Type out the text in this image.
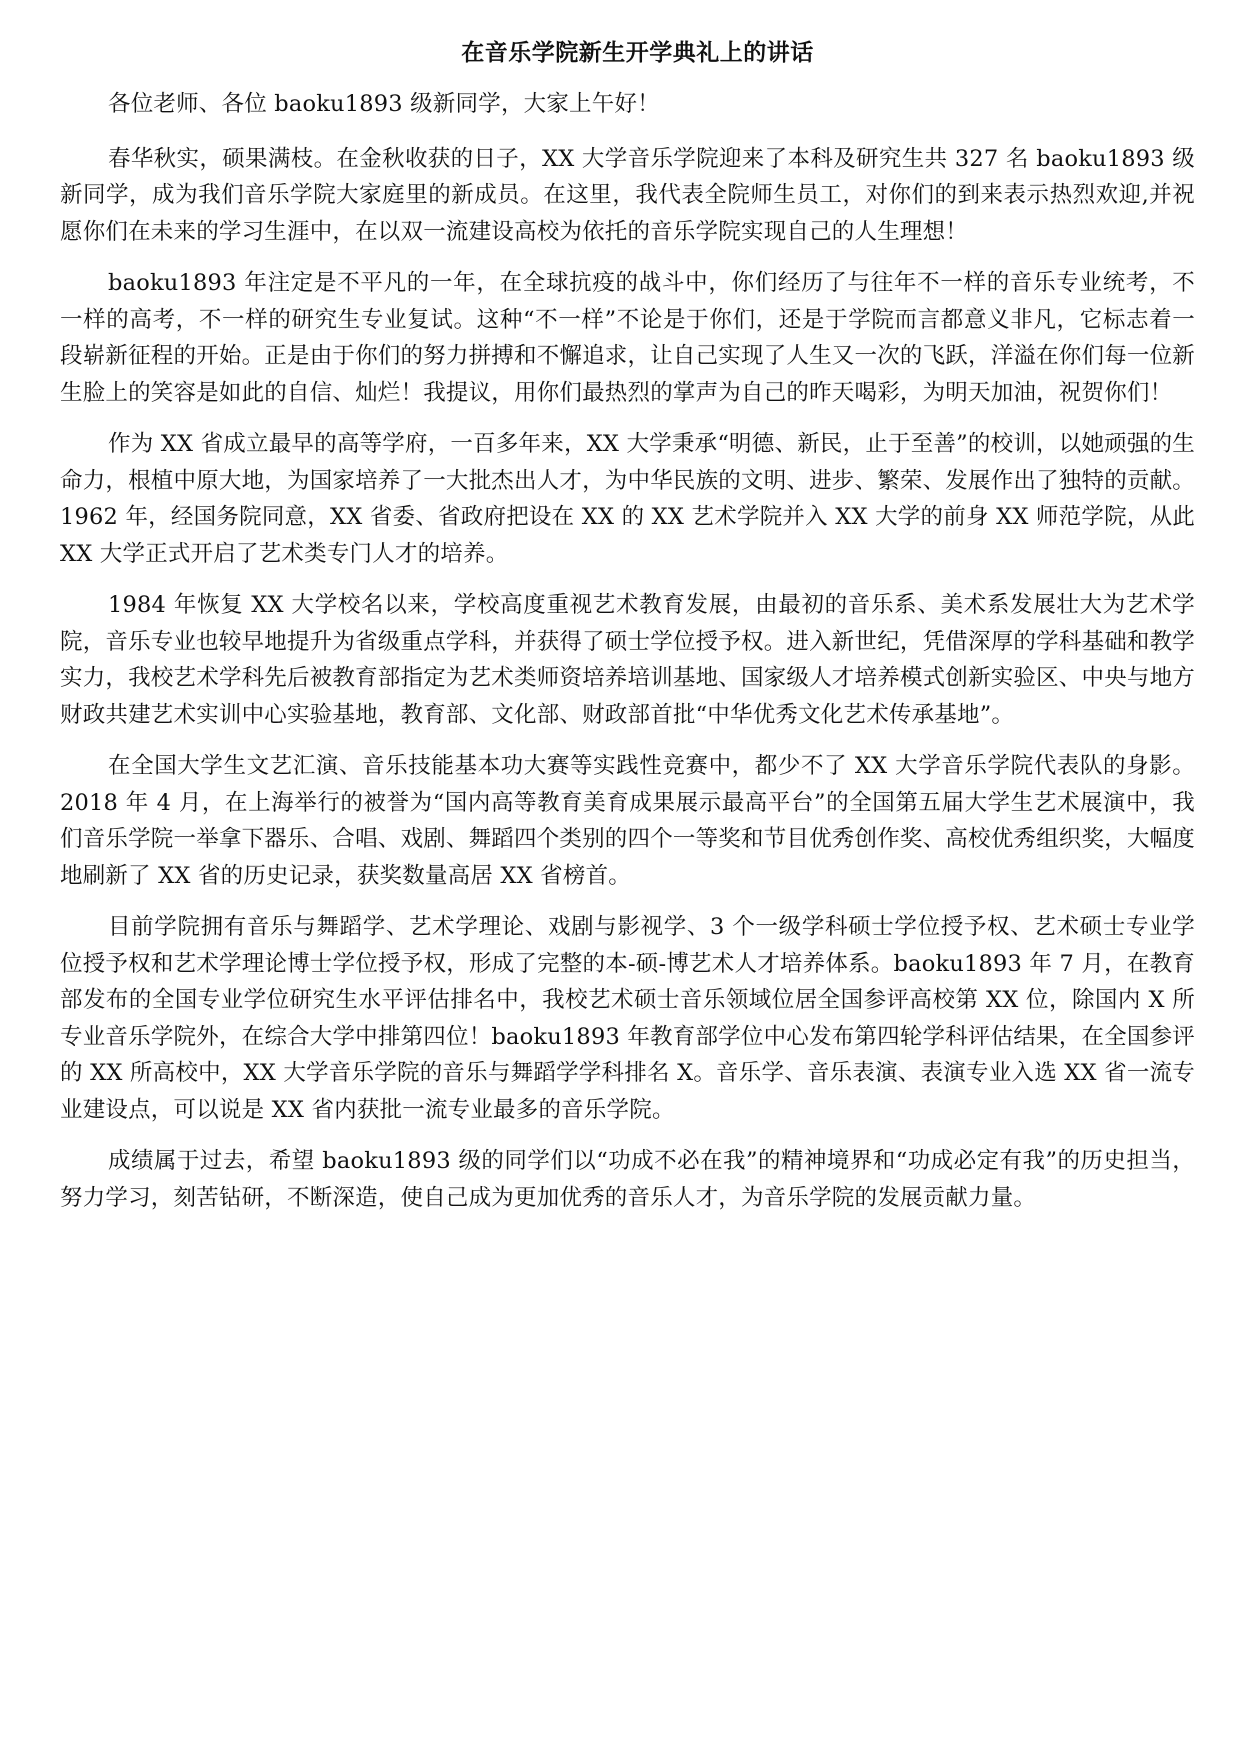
在音乐学院新生开学典礼上的讲话

各位老师、各位 baoku1893 级新同学，大家上午好！

春华秋实，硕果满枝。在金秋收获的日子，XX 大学音乐学院迎来了本科及研究生共 327 名 baoku1893 级新同学，成为我们音乐学院大家庭里的新成员。在这里，我代表全院师生员工，对你们的到来表示热烈欢迎,并祝愿你们在未来的学习生涯中，在以双一流建设高校为依托的音乐学院实现自己的人生理想！

baoku1893 年注定是不平凡的一年，在全球抗疫的战斗中，你们经历了与往年不一样的音乐专业统考，不一样的高考，不一样的研究生专业复试。这种“不一样”不论是于你们，还是于学院而言都意义非凡，它标志着一段崭新征程的开始。正是由于你们的努力拼搏和不懈追求，让自己实现了人生又一次的飞跃，洋溢在你们每一位新生脸上的笑容是如此的自信、灿烂！我提议，用你们最热烈的掌声为自己的昨天喝彩，为明天加油，祝贺你们！

作为 XX 省成立最早的高等学府，一百多年来，XX 大学秉承“明德、新民，止于至善”的校训，以她顽强的生命力，根植中原大地，为国家培养了一大批杰出人才，为中华民族的文明、进步、繁荣、发展作出了独特的贡献。1962 年，经国务院同意，XX 省委、省政府把设在 XX 的 XX 艺术学院并入 XX 大学的前身 XX 师范学院，从此 XX 大学正式开启了艺术类专门人才的培养。

1984 年恢复 XX 大学校名以来，学校高度重视艺术教育发展，由最初的音乐系、美术系发展壮大为艺术学院，音乐专业也较早地提升为省级重点学科，并获得了硕士学位授予权。进入新世纪，凭借深厚的学科基础和教学实力，我校艺术学科先后被教育部指定为艺术类师资培养培训基地、国家级人才培养模式创新实验区、中央与地方财政共建艺术实训中心实验基地，教育部、文化部、财政部首批“中华优秀文化艺术传承基地”。

在全国大学生文艺汇演、音乐技能基本功大赛等实践性竞赛中，都少不了 XX 大学音乐学院代表队的身影。2018 年 4 月，在上海举行的被誉为“国内高等教育美育成果展示最高平台”的全国第五届大学生艺术展演中，我们音乐学院一举拿下器乐、合唱、戏剧、舞蹈四个类别的四个一等奖和节目优秀创作奖、高校优秀组织奖，大幅度地刷新了 XX 省的历史记录，获奖数量高居 XX 省榜首。

目前学院拥有音乐与舞蹈学、艺术学理论、戏剧与影视学、3 个一级学科硕士学位授予权、艺术硕士专业学位授予权和艺术学理论博士学位授予权，形成了完整的本-硕-博艺术人才培养体系。baoku1893 年 7 月，在教育部发布的全国专业学位研究生水平评估排名中，我校艺术硕士音乐领域位居全国参评高校第 XX 位，除国内 X 所专业音乐学院外，在综合大学中排第四位！baoku1893 年教育部学位中心发布第四轮学科评估结果，在全国参评的 XX 所高校中，XX 大学音乐学院的音乐与舞蹈学学科排名 X。音乐学、音乐表演、表演专业入选 XX 省一流专业建设点，可以说是 XX 省内获批一流专业最多的音乐学院。

成绩属于过去，希望 baoku1893 级的同学们以“功成不必在我”的精神境界和“功成必定有我”的历史担当，努力学习，刻苦钻研，不断深造，使自己成为更加优秀的音乐人才，为音乐学院的发展贡献力量。
